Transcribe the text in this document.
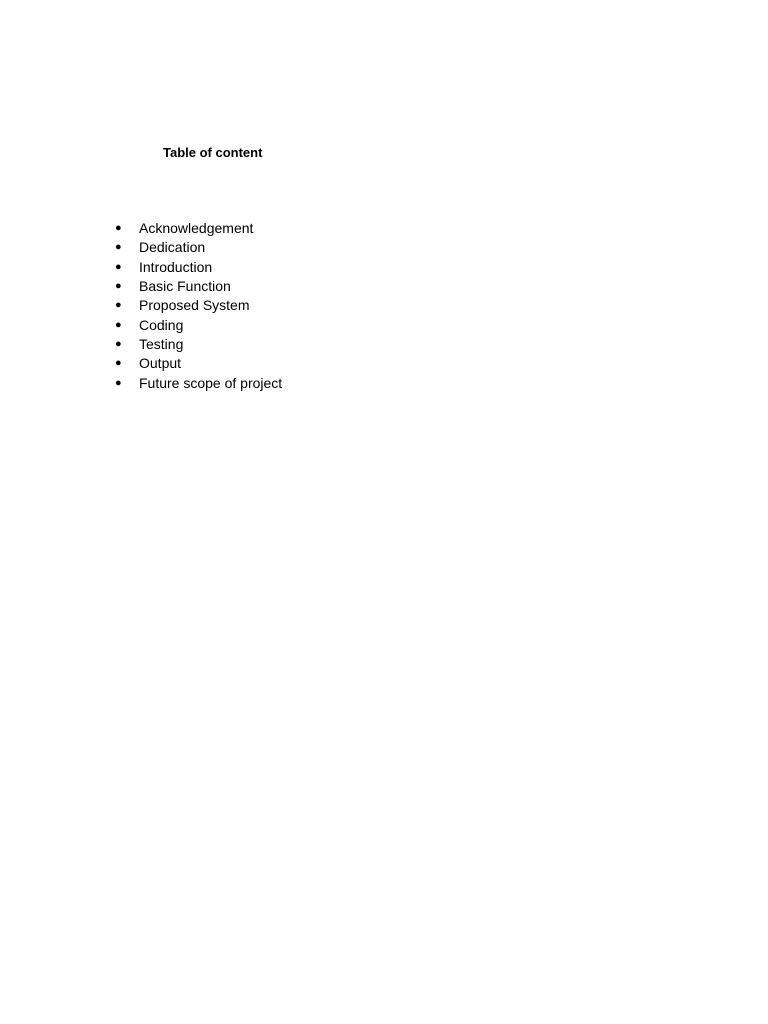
Table of content
●	Acknowledgement
●	Dedication
●	Introduction
●	Basic Function
●	Proposed System
●	Coding
●	Testing
●	Output
●	Future scope of project
